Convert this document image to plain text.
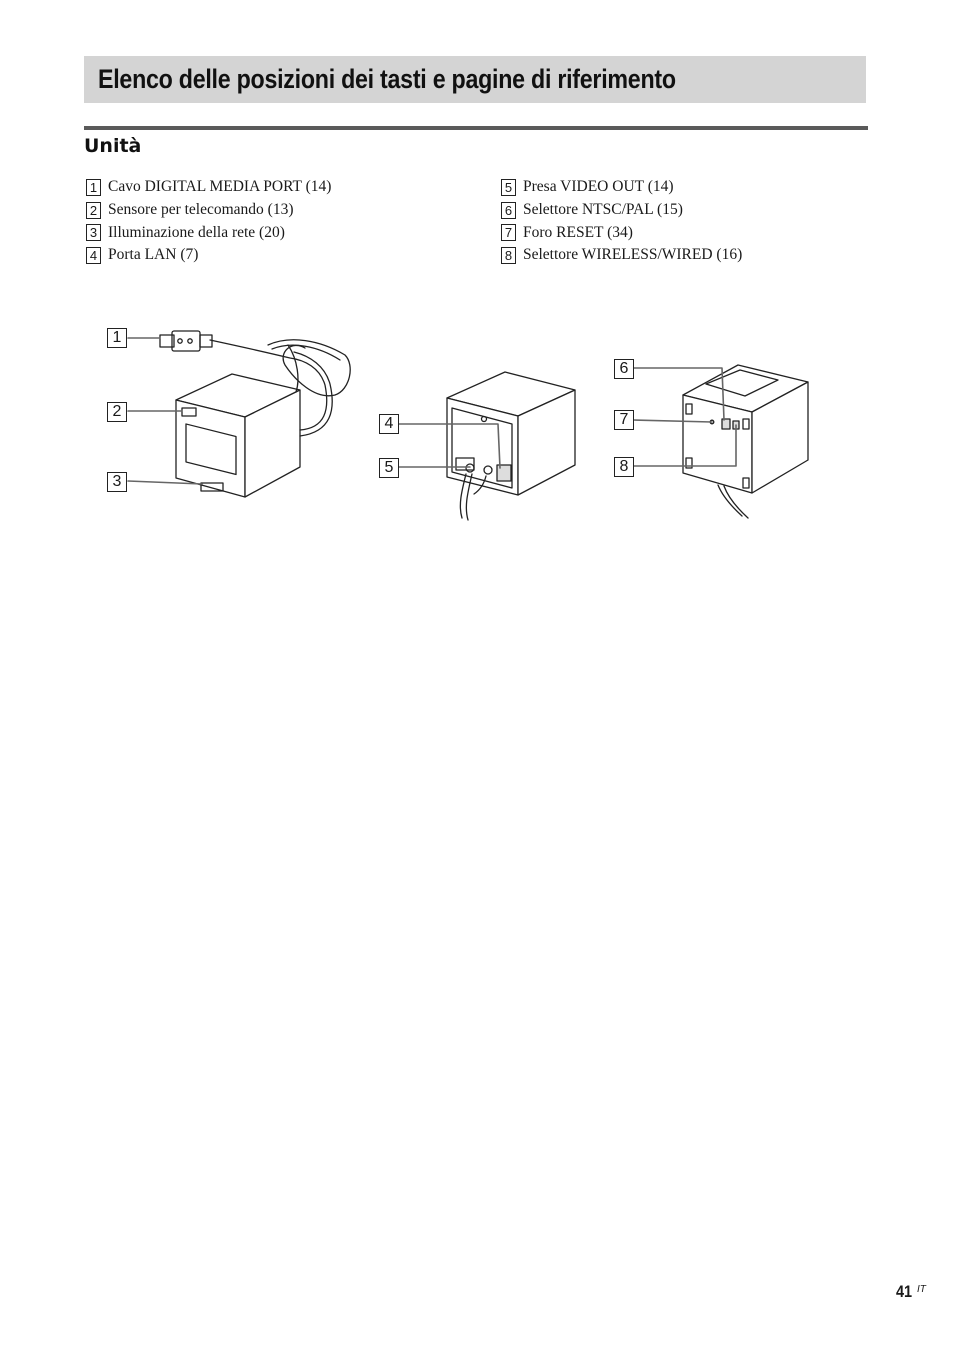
Elenco delle posizioni dei tasti e pagine di riferimento
Unità
1 Cavo DIGITAL MEDIA PORT (14)
2 Sensore per telecomando (13)
3 Illuminazione della rete (20)
4 Porta LAN (7)
5 Presa VIDEO OUT (14)
6 Selettore NTSC/PAL (15)
7 Foro RESET (34)
8 Selettore WIRELESS/WIRED (16)
1
2
3
4
5
6
7
8
41 IT
